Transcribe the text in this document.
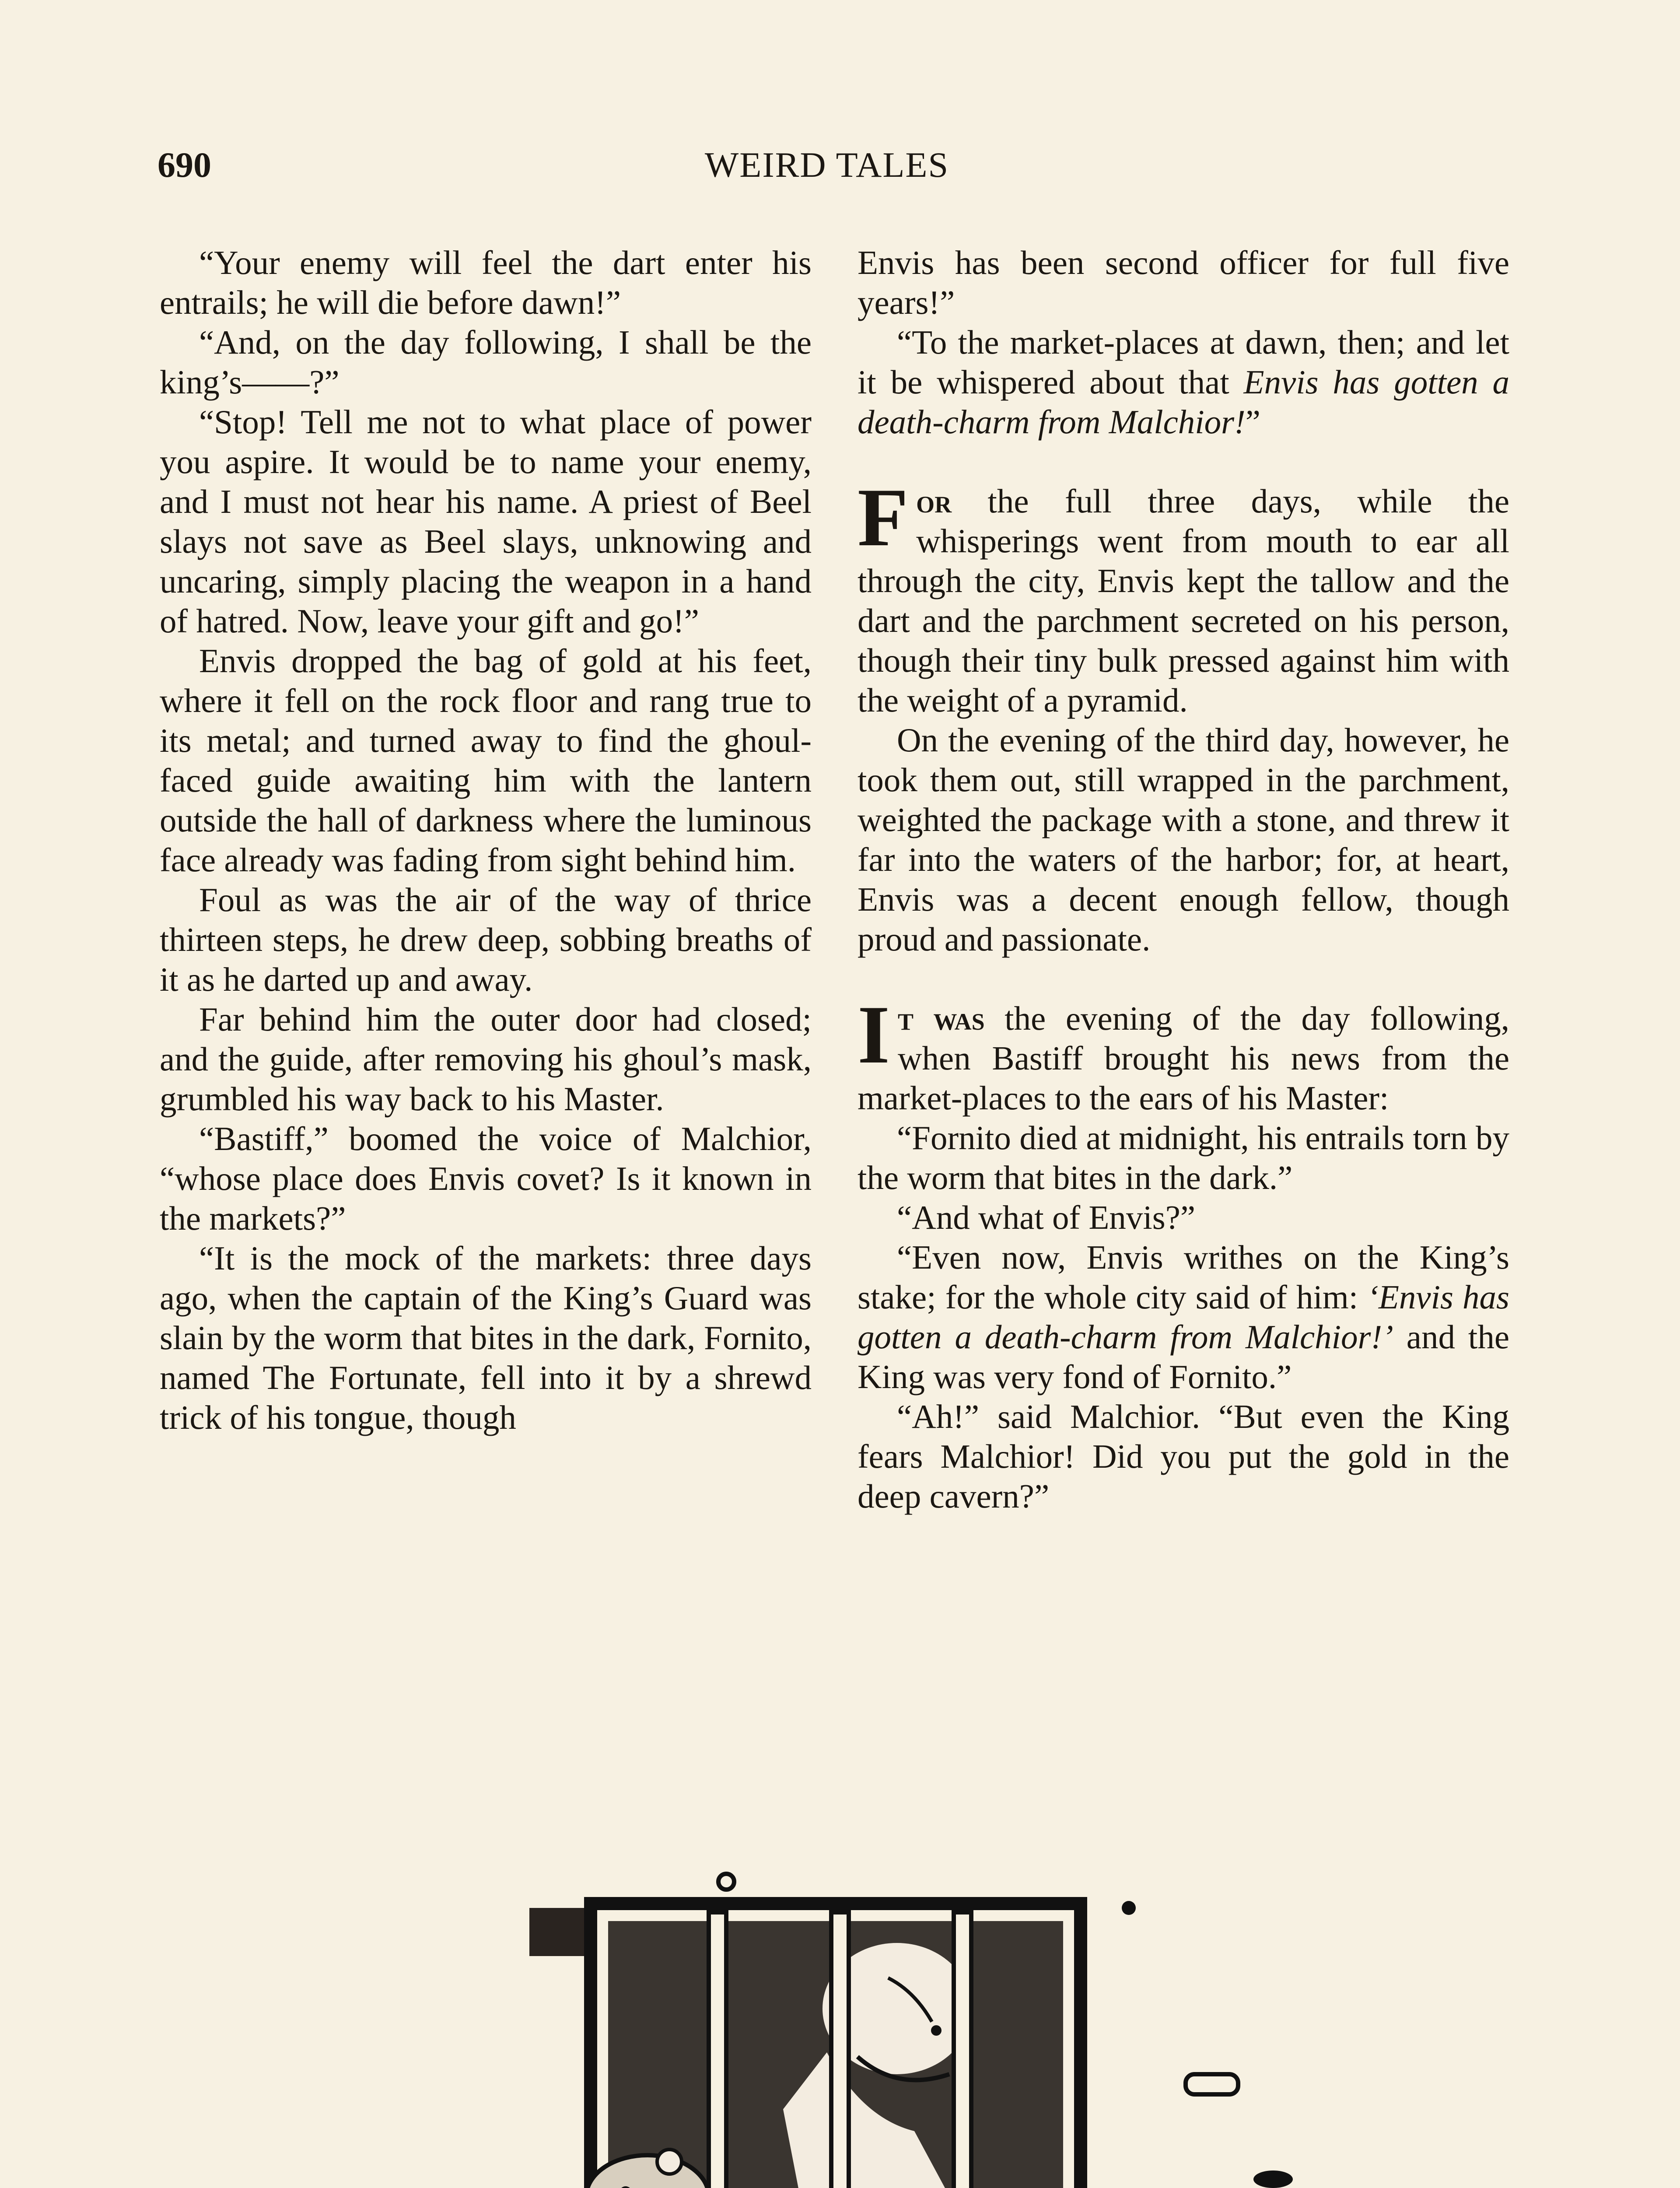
690	WEIRD TALES

“Your enemy will feel the dart enter his entrails; he will die before dawn!”

“And, on the day following, I shall be the king’s——?”

“Stop! Tell me not to what place of power you aspire. It would be to name your enemy, and I must not hear his name. A priest of Beel slays not save as Beel slays, unknowing and uncaring, simply placing the weapon in a hand of hatred. Now, leave your gift and go!”

Envis dropped the bag of gold at his feet, where it fell on the rock floor and rang true to its metal; and turned away to find the ghoul-faced guide awaiting him with the lantern outside the hall of darkness where the luminous face already was fading from sight behind him.

Foul as was the air of the way of thrice thirteen steps, he drew deep, sobbing breaths of it as he darted up and away.

Far behind him the outer door had closed; and the guide, after removing his ghoul’s mask, grumbled his way back to his Master.

“Bastiff,” boomed the voice of Malchior, “whose place does Envis covet? Is it known in the markets?”

“It is the mock of the markets: three days ago, when the captain of the King’s Guard was slain by the worm that bites in the dark, Fornito, named The Fortunate, fell into it by a shrewd trick of his tongue, though

Envis has been second officer for full five years!”

“To the market-places at dawn, then; and let it be whispered about that Envis has gotten a death-charm from Malchior!”

For the full three days, while the whisperings went from mouth to ear all through the city, Envis kept the tallow and the dart and the parchment secreted on his person, though their tiny bulk pressed against him with the weight of a pyramid.

On the evening of the third day, however, he took them out, still wrapped in the parchment, weighted the package with a stone, and threw it far into the waters of the harbor; for, at heart, Envis was a decent enough fellow, though proud and passionate.

It was the evening of the day following, when Bastiff brought his news from the market-places to the ears of his Master:

“Fornito died at midnight, his entrails torn by the worm that bites in the dark.”

“And what of Envis?”

“Even now, Envis writhes on the King’s stake; for the whole city said of him: ‘Envis has gotten a death-charm from Malchior!’ and the King was very fond of Fornito.”

“Ah!” said Malchior. “But even the King fears Malchior! Did you put the gold in the deep cavern?”
